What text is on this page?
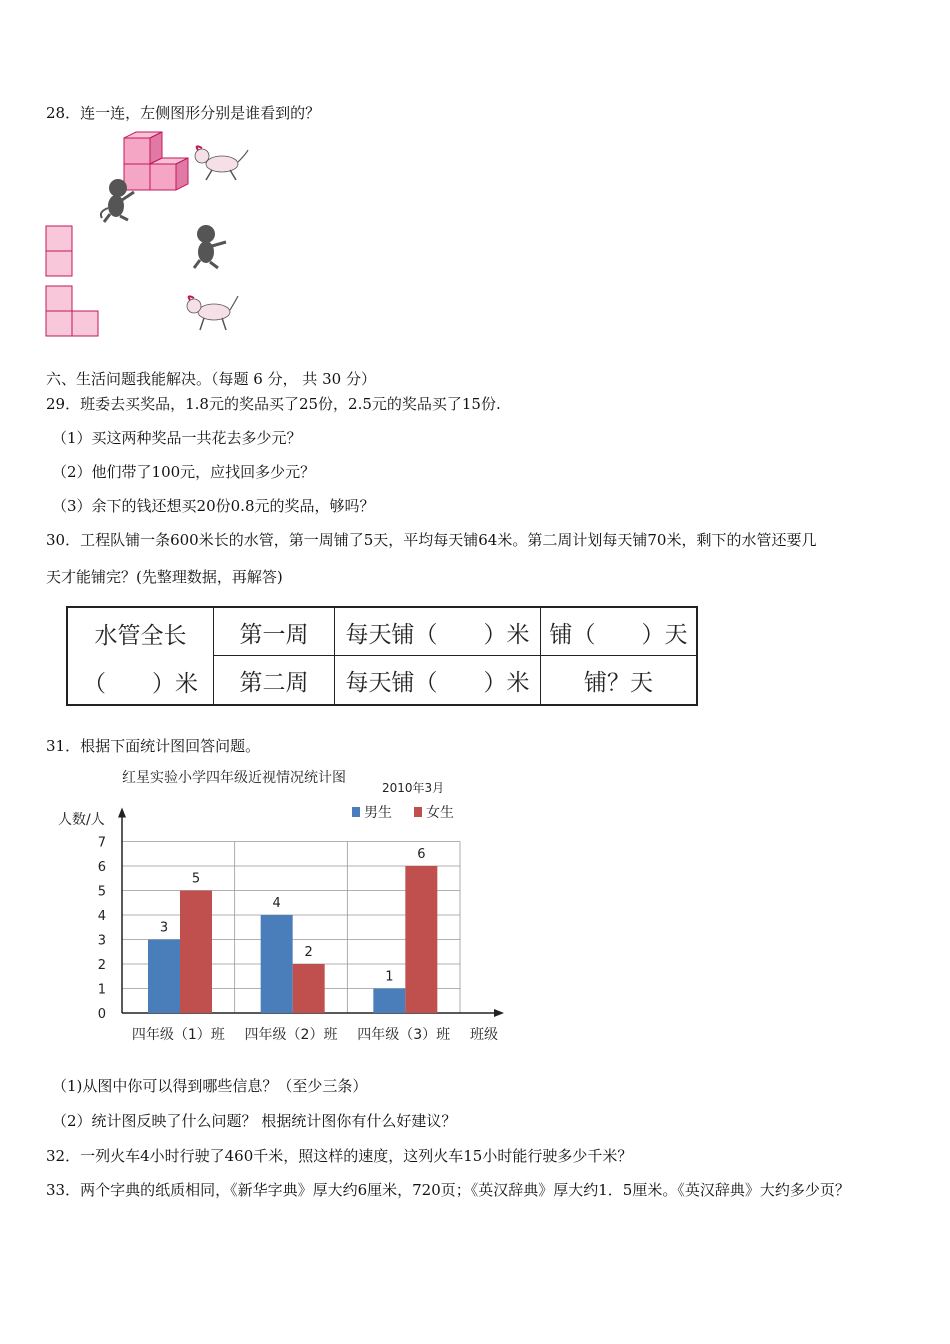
28．连一连，左侧图形分别是谁看到的？
六、生活问题我能解决。（每题 6 分， 共 30 分）
29．班委去买奖品，1.8元的奖品买了25份，2.5元的奖品买了15份.
（1）买这两种奖品一共花去多少元？
（2）他们带了100元，应找回多少元？
（3）余下的钱还想买20份0.8元的奖品，够吗？
30．工程队铺一条600米长的水管，第一周铺了5天，平均每天铺64米。第二周计划每天铺70米，剩下的水管还要几
天才能铺完？(先整理数据，再解答)
水管全长
（　　）米
第一周
第二周
每天铺（　　）米
每天铺（　　）米
铺（　　）天
铺？天
31．根据下面统计图回答问题。
红星实验小学四年级近视情况统计图
2010年3月
男生 女生
人数/人
班级
0
1
2
3
4
5
6
7
3
5
四年级（1）班
4
2
四年级（2）班
1
6
四年级（3）班
（1)从图中你可以得到哪些信息？（至少三条）
（2）统计图反映了什么问题？ 根据统计图你有什么好建议？
32．一列火车4小时行驶了460千米，照这样的速度，这列火车15小时能行驶多少千米？
33．两个字典的纸质相同，《新华字典》厚大约6厘米，720页；《英汉辞典》厚大约1．5厘米。《英汉辞典》大约多少页？
